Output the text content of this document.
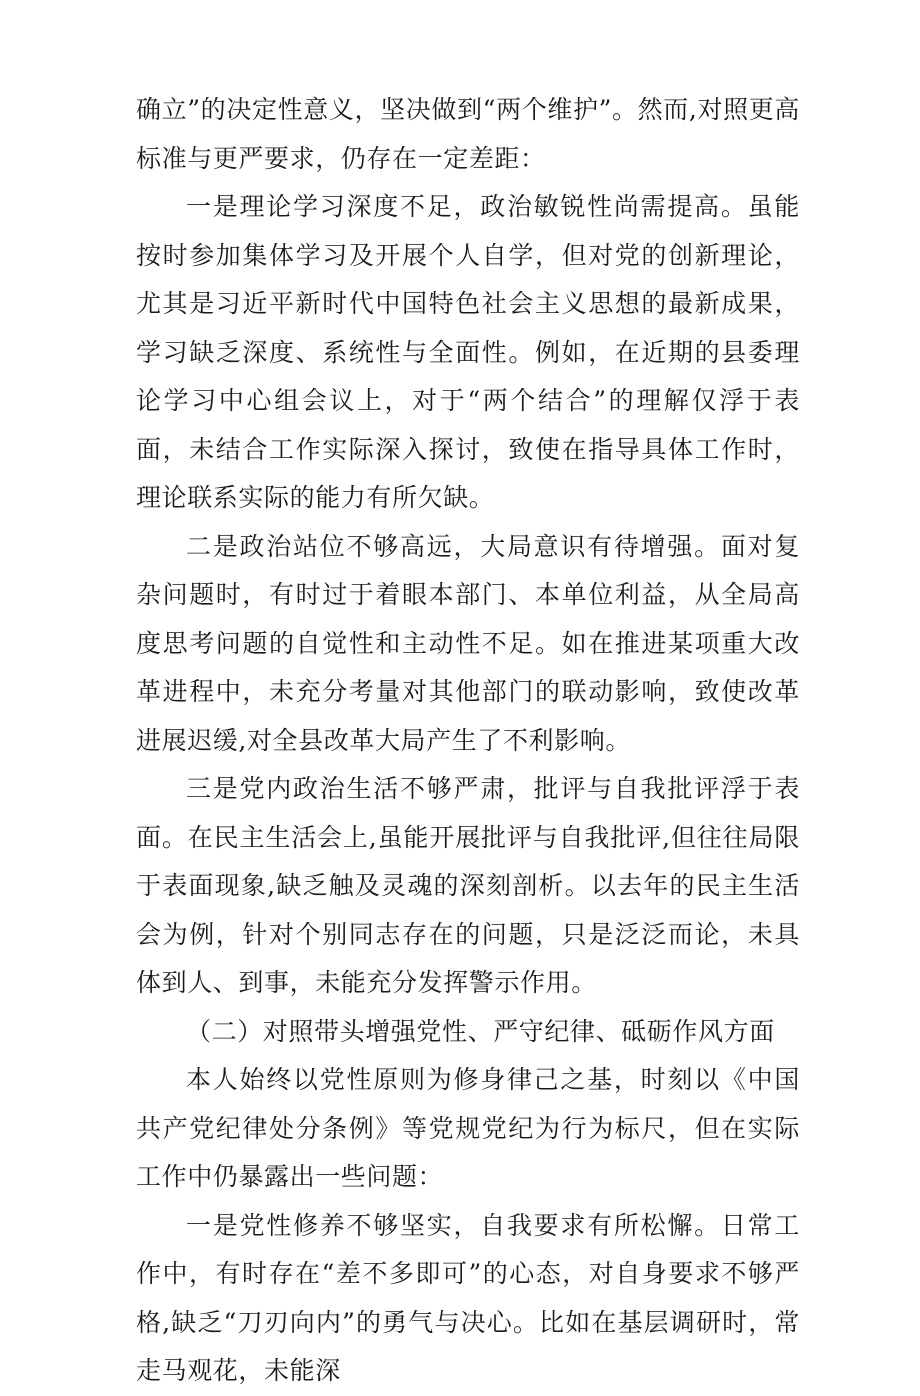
确立”的决定性意义，坚决做到“两个维护”。然而,对照更高标准与更严要求，仍存在一定差距：

一是理论学习深度不足，政治敏锐性尚需提高。虽能按时参加集体学习及开展个人自学，但对党的创新理论，尤其是习近平新时代中国特色社会主义思想的最新成果，学习缺乏深度、系统性与全面性。例如，在近期的县委理论学习中心组会议上，对于“两个结合”的理解仅浮于表面，未结合工作实际深入探讨，致使在指导具体工作时，理论联系实际的能力有所欠缺。

二是政治站位不够高远，大局意识有待增强。面对复杂问题时，有时过于着眼本部门、本单位利益，从全局高度思考问题的自觉性和主动性不足。如在推进某项重大改革进程中，未充分考量对其他部门的联动影响，致使改革进展迟缓,对全县改革大局产生了不利影响。

三是党内政治生活不够严肃，批评与自我批评浮于表面。在民主生活会上,虽能开展批评与自我批评,但往往局限于表面现象,缺乏触及灵魂的深刻剖析。以去年的民主生活会为例，针对个别同志存在的问题，只是泛泛而论，未具体到人、到事，未能充分发挥警示作用。

（二）对照带头增强党性、严守纪律、砥砺作风方面

本人始终以党性原则为修身律己之基，时刻以《中国共产党纪律处分条例》等党规党纪为行为标尺，但在实际工作中仍暴露出一些问题：

一是党性修养不够坚实，自我要求有所松懈。日常工作中，有时存在“差不多即可”的心态，对自身要求不够严格,缺乏“刀刃向内”的勇气与决心。比如在基层调研时，常走马观花，未能深
